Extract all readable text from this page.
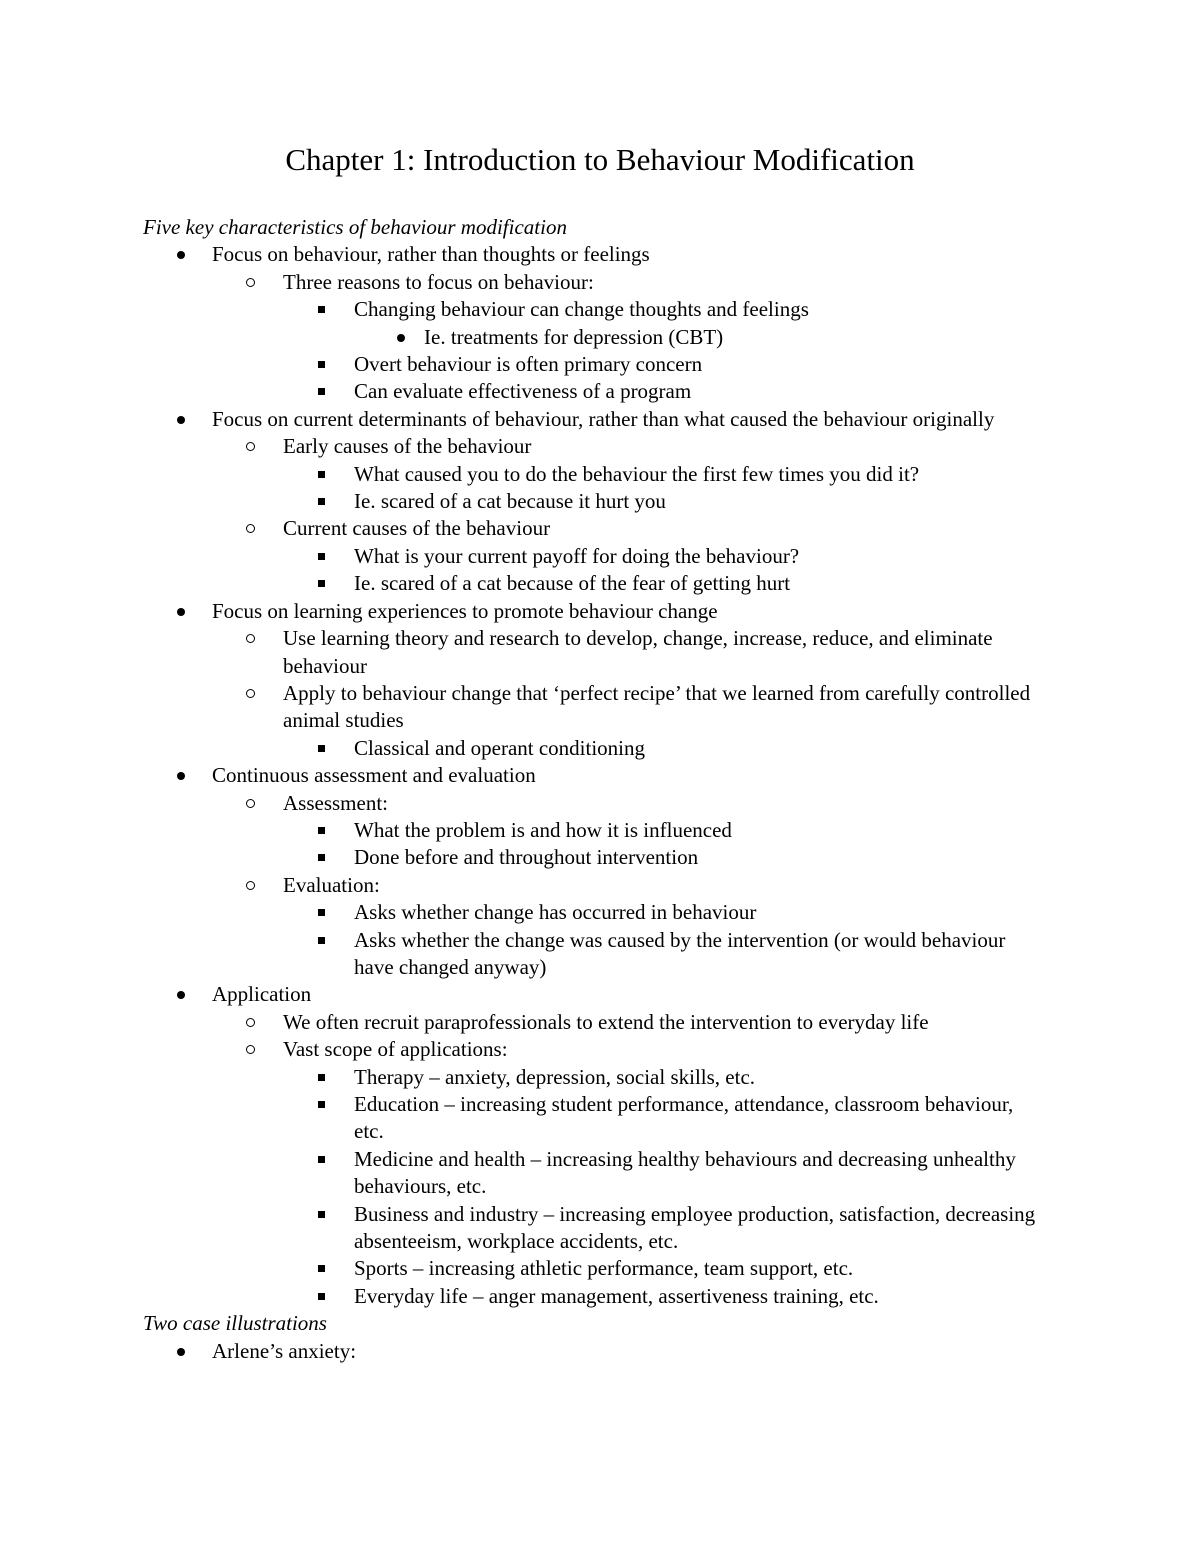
Chapter 1: Introduction to Behaviour Modification

Five key characteristics of behaviour modification

Focus on behaviour, rather than thoughts or feelings
Three reasons to focus on behaviour:
Changing behaviour can change thoughts and feelings
Ie. treatments for depression (CBT)
Overt behaviour is often primary concern
Can evaluate effectiveness of a program
Focus on current determinants of behaviour, rather than what caused the behaviour originally
Early causes of the behaviour
What caused you to do the behaviour the first few times you did it?
Ie. scared of a cat because it hurt you
Current causes of the behaviour
What is your current payoff for doing the behaviour?
Ie. scared of a cat because of the fear of getting hurt
Focus on learning experiences to promote behaviour change
Use learning theory and research to develop, change, increase, reduce, and eliminate behaviour
Apply to behaviour change that ‘perfect recipe’ that we learned from carefully controlled animal studies
Classical and operant conditioning
Continuous assessment and evaluation
Assessment:
What the problem is and how it is influenced
Done before and throughout intervention
Evaluation:
Asks whether change has occurred in behaviour
Asks whether the change was caused by the intervention (or would behaviour have changed anyway)
Application
We often recruit paraprofessionals to extend the intervention to everyday life
Vast scope of applications:
Therapy – anxiety, depression, social skills, etc.
Education – increasing student performance, attendance, classroom behaviour, etc.
Medicine and health – increasing healthy behaviours and decreasing unhealthy behaviours, etc.
Business and industry – increasing employee production, satisfaction, decreasing absenteeism, workplace accidents, etc.
Sports – increasing athletic performance, team support, etc.
Everyday life – anger management, assertiveness training, etc.

Two case illustrations

Arlene’s anxiety:
